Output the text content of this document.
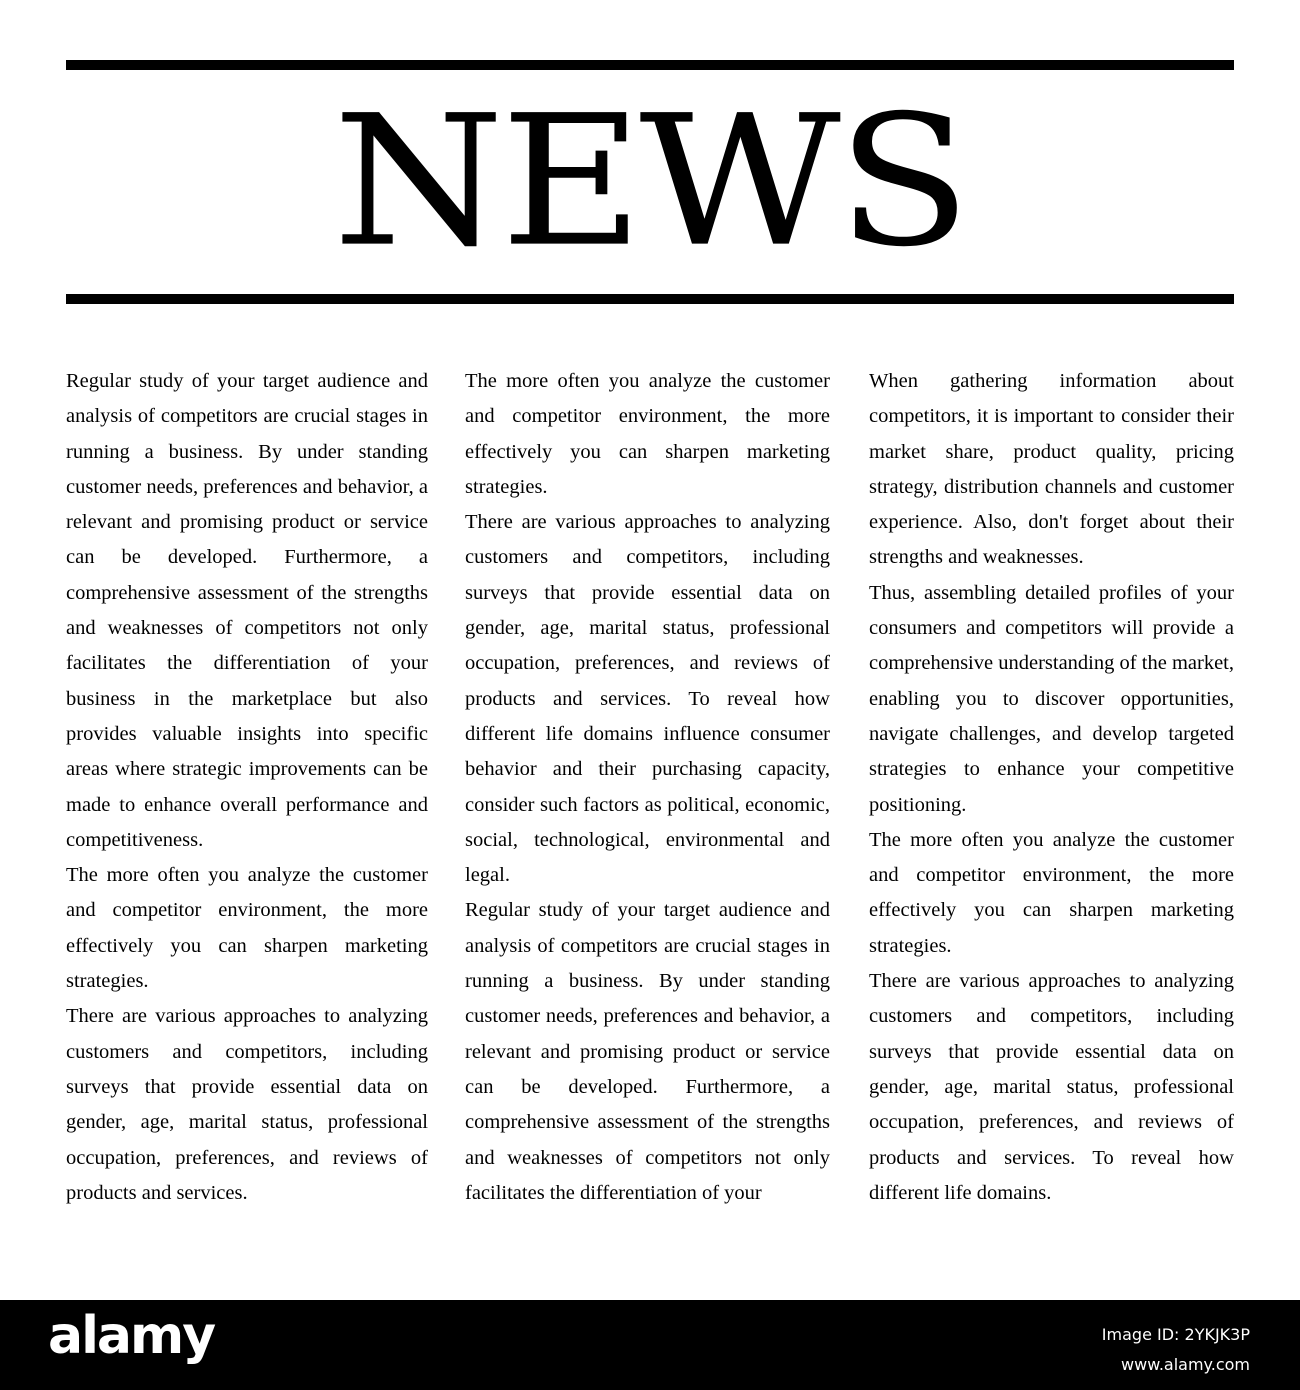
NEWS

Regular study of your target audience and analysis of competitors are crucial stages in running a business. By under standing customer needs, preferences and behavior, a relevant and promising product or service can be developed. Furthermore, a comprehensive assessment of the strengths and weaknesses of competitors not only facilitates the differentiation of your business in the marketplace but also provides valuable insights into specific areas where strategic improvements can be made to enhance overall performance and competitiveness.

The more often you analyze the customer and competitor environment, the more effectively you can sharpen marketing strategies.

There are various approaches to analyzing customers and competitors, including surveys that provide essential data on gender, age, marital status, professional occupation, preferences, and reviews of products and services.

The more often you analyze the customer and competitor environment, the more effectively you can sharpen marketing strategies.

There are various approaches to analyzing customers and competitors, including surveys that provide essential data on gender, age, marital status, professional occupation, preferences, and reviews of products and services. To reveal how different life domains influence consumer behavior and their purchasing capacity, consider such factors as political, economic, social, technological, environmental and legal.

Regular study of your target audience and analysis of competitors are crucial stages in running a business. By under standing customer needs, preferences and behavior, a relevant and promising product or service can be developed. Furthermore, a comprehensive assessment of the strengths and weaknesses of competitors not only facilitates the differentiation of your

When gathering information about competitors, it is important to consider their market share, product quality, pricing strategy, distribution channels and customer experience. Also, don't forget about their strengths and weaknesses.

Thus, assembling detailed profiles of your consumers and competitors will provide a comprehensive understanding of the market, enabling you to discover opportunities, navigate challenges, and develop targeted strategies to enhance your competitive positioning.

The more often you analyze the customer and competitor environment, the more effectively you can sharpen marketing strategies.

There are various approaches to analyzing customers and competitors, including surveys that provide essential data on gender, age, marital status, professional occupation, preferences, and reviews of products and services. To reveal how different life domains.

alamy	Image ID: 2YKJK3P
www.alamy.com
